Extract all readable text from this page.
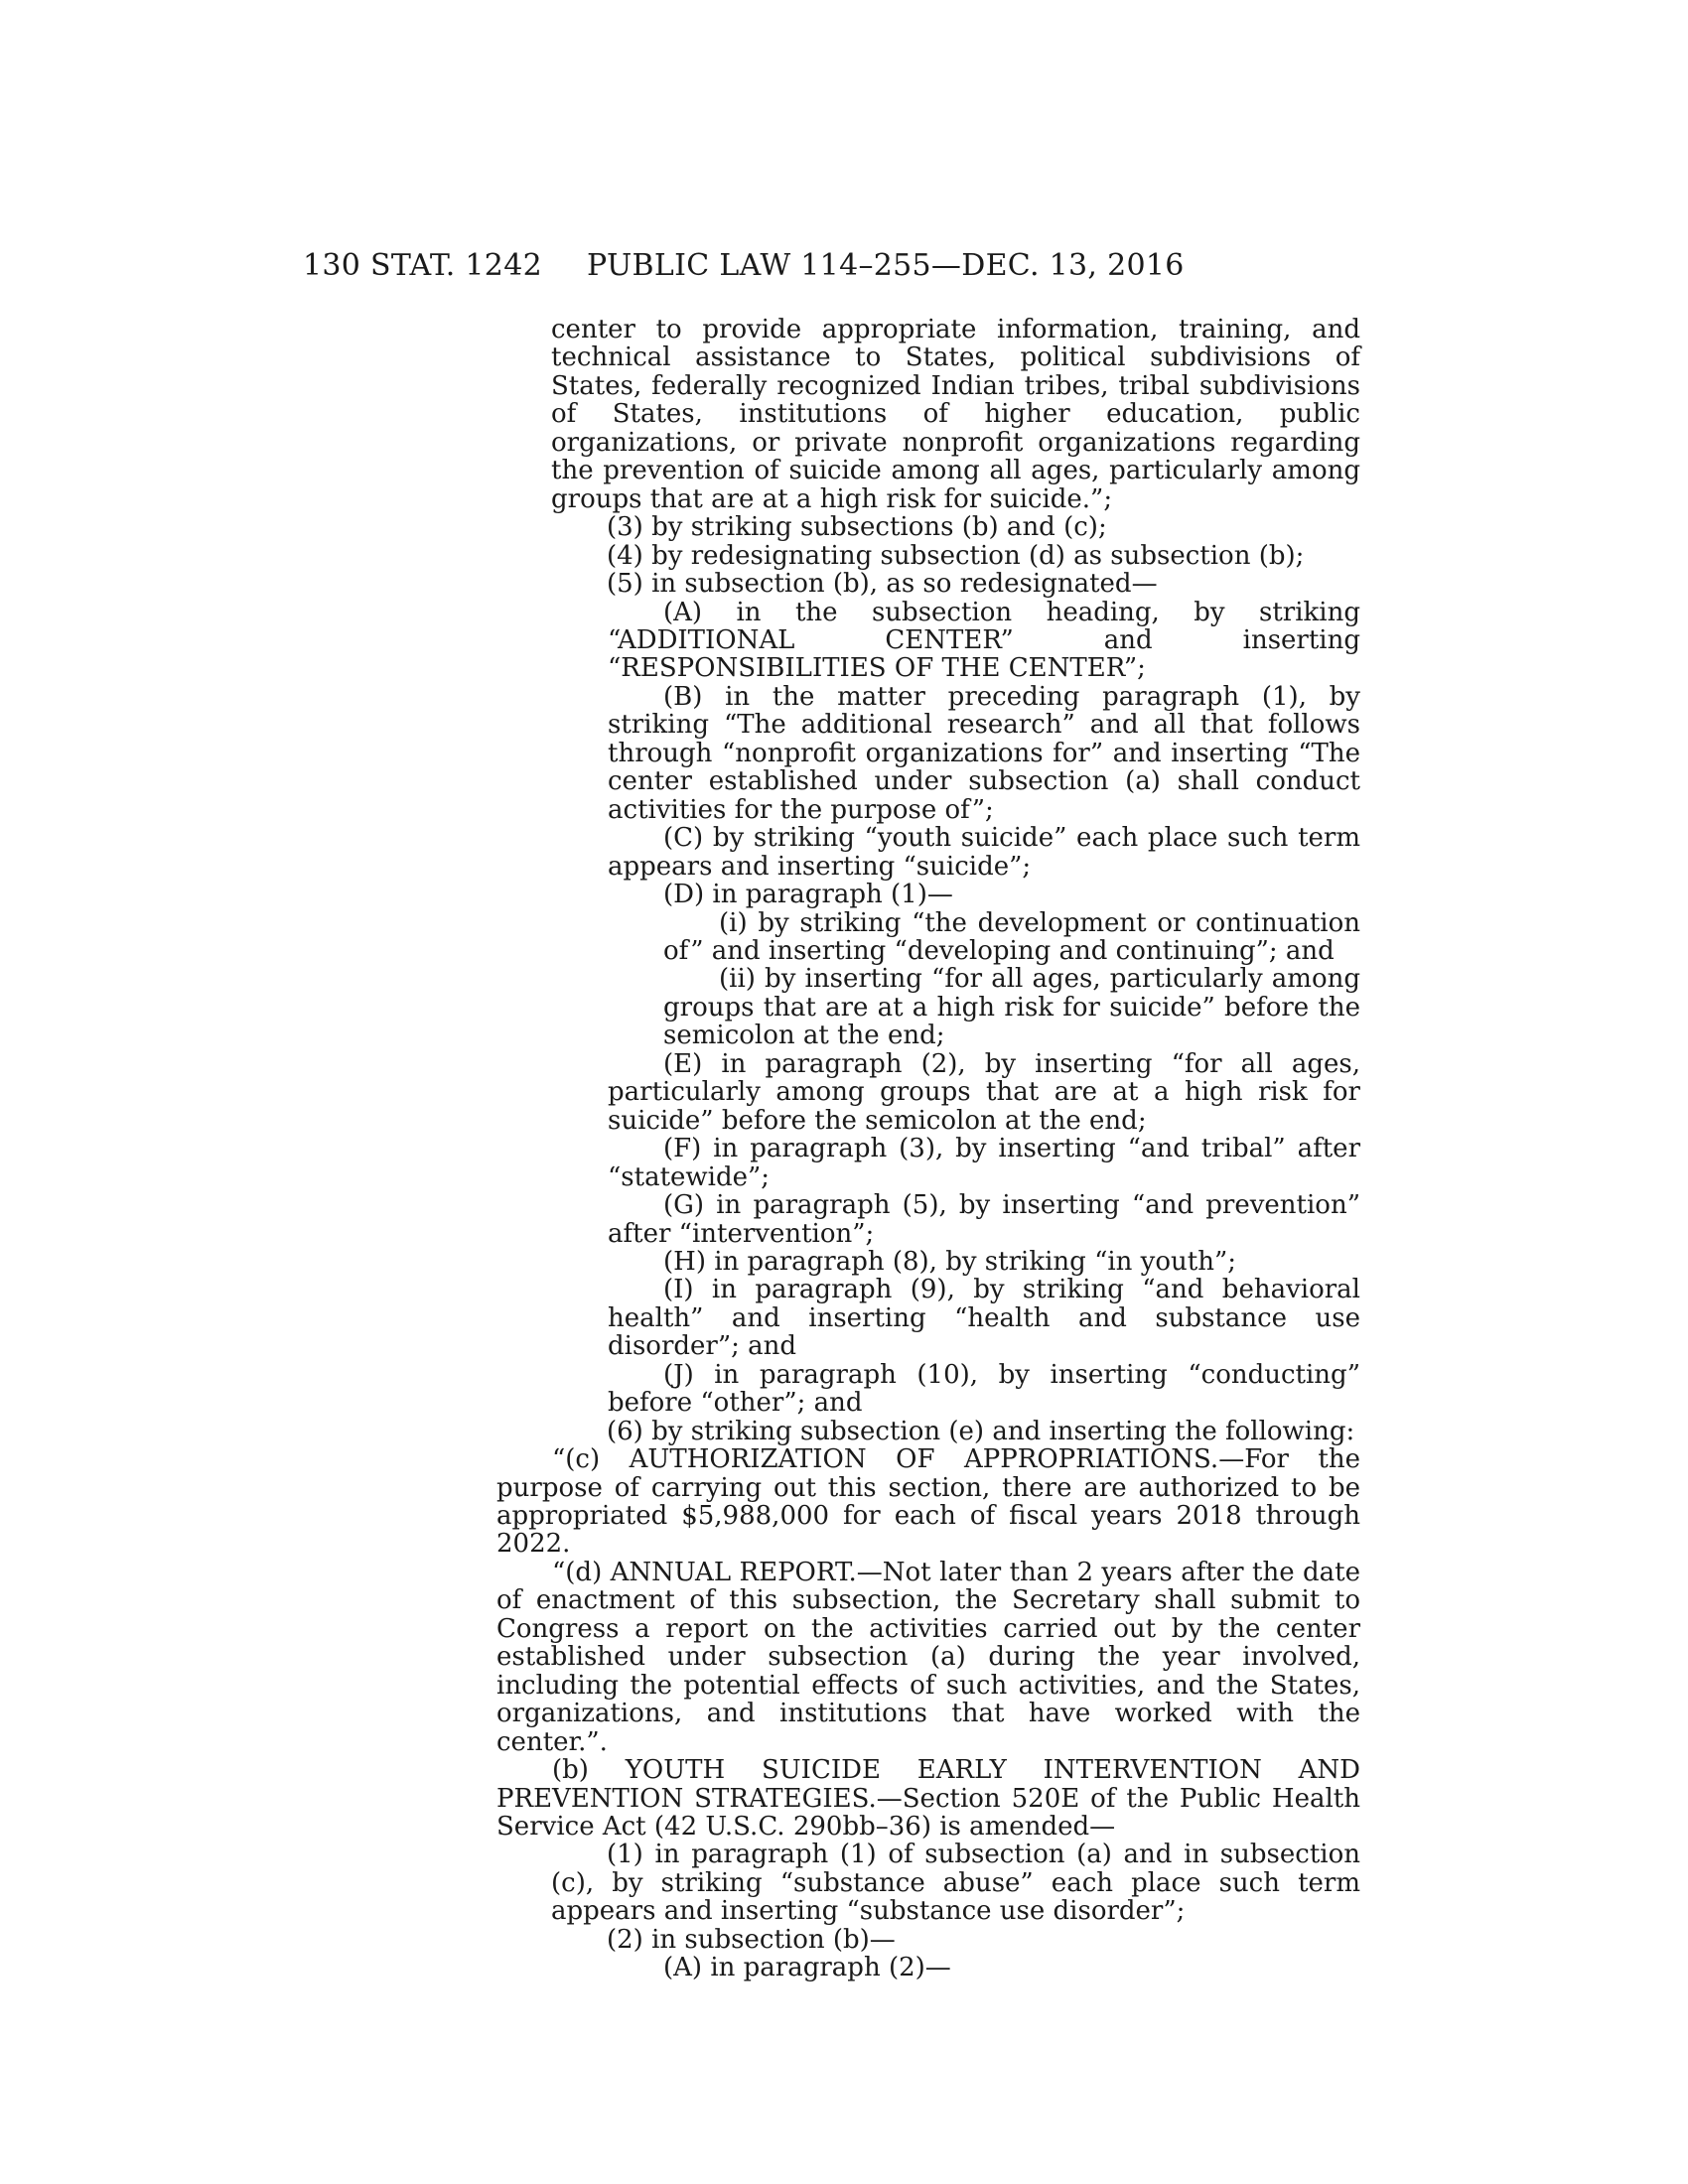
130 STAT. 1242 PUBLIC LAW 114–255—DEC. 13, 2016

center to provide appropriate information, training, and technical assistance to States, political subdivisions of States, federally recognized Indian tribes, tribal subdivisions of States, institutions of higher education, public organizations, or private nonprofit organizations regarding the prevention of suicide among all ages, particularly among groups that are at a high risk for suicide.”;

(3) by striking subsections (b) and (c);

(4) by redesignating subsection (d) as subsection (b);

(5) in subsection (b), as so redesignated—

(A) in the subsection heading, by striking “ADDITIONAL CENTER” and inserting “RESPONSIBILITIES OF THE CENTER”;

(B) in the matter preceding paragraph (1), by striking “The additional research” and all that follows through “nonprofit organizations for” and inserting “The center established under subsection (a) shall conduct activities for the purpose of”;

(C) by striking “youth suicide” each place such term appears and inserting “suicide”;

(D) in paragraph (1)—

(i) by striking “the development or continuation of” and inserting “developing and continuing”; and

(ii) by inserting “for all ages, particularly among groups that are at a high risk for suicide” before the semicolon at the end;

(E) in paragraph (2), by inserting “for all ages, particularly among groups that are at a high risk for suicide” before the semicolon at the end;

(F) in paragraph (3), by inserting “and tribal” after “statewide”;

(G) in paragraph (5), by inserting “and prevention” after “intervention”;

(H) in paragraph (8), by striking “in youth”;

(I) in paragraph (9), by striking “and behavioral health” and inserting “health and substance use disorder”; and

(J) in paragraph (10), by inserting “conducting” before “other”; and

(6) by striking subsection (e) and inserting the following:

“(c) AUTHORIZATION OF APPROPRIATIONS.—For the purpose of carrying out this section, there are authorized to be appropriated $5,988,000 for each of fiscal years 2018 through 2022.

“(d) ANNUAL REPORT.—Not later than 2 years after the date of enactment of this subsection, the Secretary shall submit to Congress a report on the activities carried out by the center established under subsection (a) during the year involved, including the potential effects of such activities, and the States, organizations, and institutions that have worked with the center.”.

(b) YOUTH SUICIDE EARLY INTERVENTION AND PREVENTION STRATEGIES.—Section 520E of the Public Health Service Act (42 U.S.C. 290bb–36) is amended—

(1) in paragraph (1) of subsection (a) and in subsection (c), by striking “substance abuse” each place such term appears and inserting “substance use disorder”;

(2) in subsection (b)—

(A) in paragraph (2)—
